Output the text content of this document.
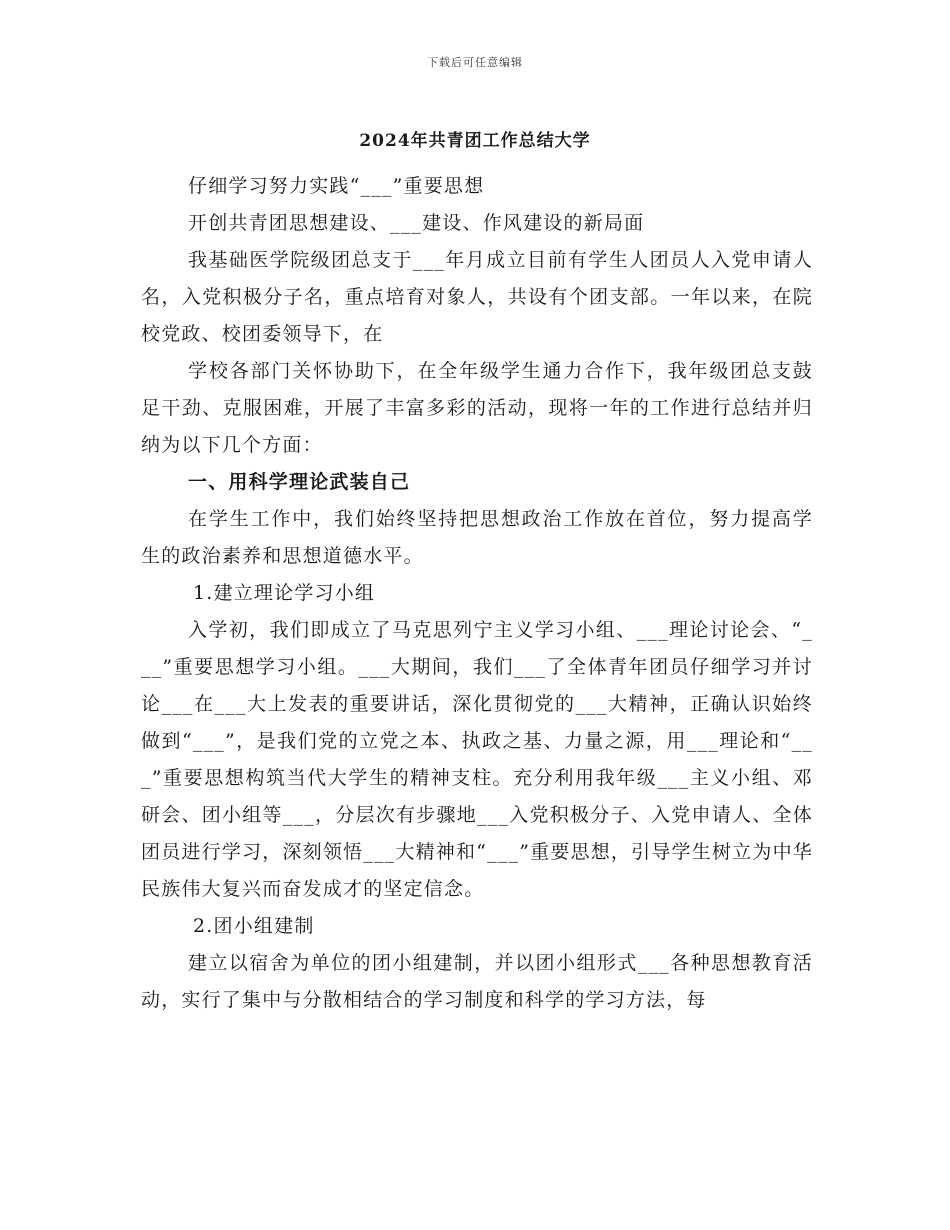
下载后可任意编辑
2024年共青团工作总结大学

仔细学习努力实践“___”重要思想

开创共青团思想建设、___建设、作风建设的新局面

我基础医学院级团总支于___年月成立目前有学生人团员人入党申请人名，入党积极分子名，重点培育对象人，共设有个团支部。一年以来，在院校党政、校团委领导下，在

学校各部门关怀协助下，在全年级学生通力合作下，我年级团总支鼓足干劲、克服困难，开展了丰富多彩的活动，现将一年的工作进行总结并归纳为以下几个方面：

一、用科学理论武装自己

在学生工作中，我们始终坚持把思想政治工作放在首位，努力提高学生的政治素养和思想道德水平。

1.建立理论学习小组

入学初，我们即成立了马克思列宁主义学习小组、___理论讨论会、“___”重要思想学习小组。___大期间，我们___了全体青年团员仔细学习并讨论___在___大上发表的重要讲话，深化贯彻党的___大精神，正确认识始终做到“___”，是我们党的立党之本、执政之基、力量之源，用___理论和“___”重要思想构筑当代大学生的精神支柱。充分利用我年级___主义小组、邓研会、团小组等___，分层次有步骤地___入党积极分子、入党申请人、全体团员进行学习，深刻领悟___大精神和“___”重要思想，引导学生树立为中华民族伟大复兴而奋发成才的坚定信念。

2.团小组建制

建立以宿舍为单位的团小组建制，并以团小组形式___各种思想教育活动，实行了集中与分散相结合的学习制度和科学的学习方法，每
